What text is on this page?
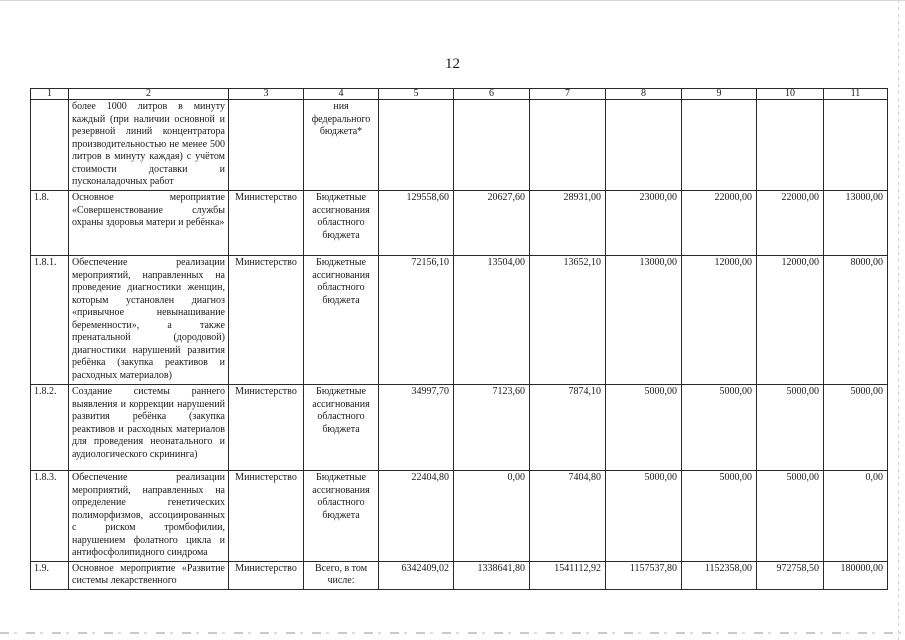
12
1	2	3	4	5	6	7	8	9	10	11
	более 1000 литров в минуту каждый (при наличии основной и резервной линий концентратора производительностью не менее 500 литров в минуту каждая) с учётом стоимости доставки и пусконаладочных работ		ния федерального бюджета*							
1.8.	Основное мероприятие «Совершенствование службы охраны здоровья матери и ребёнка»	Министерство	Бюджетные ассигнования областного бюджета	129558,60	20627,60	28931,00	23000,00	22000,00	22000,00	13000,00
1.8.1.	Обеспечение реализации мероприятий, направленных на проведение диагностики женщин, которым установлен диагноз «привычное невынашивание беременности», а также пренатальной (дородовой) диагностики нарушений развития ребёнка (закупка реактивов и расходных материалов)	Министерство	Бюджетные ассигнования областного бюджета	72156,10	13504,00	13652,10	13000,00	12000,00	12000,00	8000,00
1.8.2.	Создание системы раннего выявления и коррекции нарушений развития ребёнка (закупка реактивов и расходных материалов для проведения неонатального и аудиологического скрининга)	Министерство	Бюджетные ассигнования областного бюджета	34997,70	7123,60	7874,10	5000,00	5000,00	5000,00	5000,00
1.8.3.	Обеспечение реализации мероприятий, направленных на определение генетических полиморфизмов, ассоциированных с риском тромбофилии, нарушением фолатного цикла и антифосфолипидного синдрома	Министерство	Бюджетные ассигнования областного бюджета	22404,80	0,00	7404,80	5000,00	5000,00	5000,00	0,00
1.9.	Основное мероприятие «Развитие системы лекарственного	Министерство	Всего, в том числе:	6342409,02	1338641,80	1541112,92	1157537,80	1152358,00	972758,50	180000,00
